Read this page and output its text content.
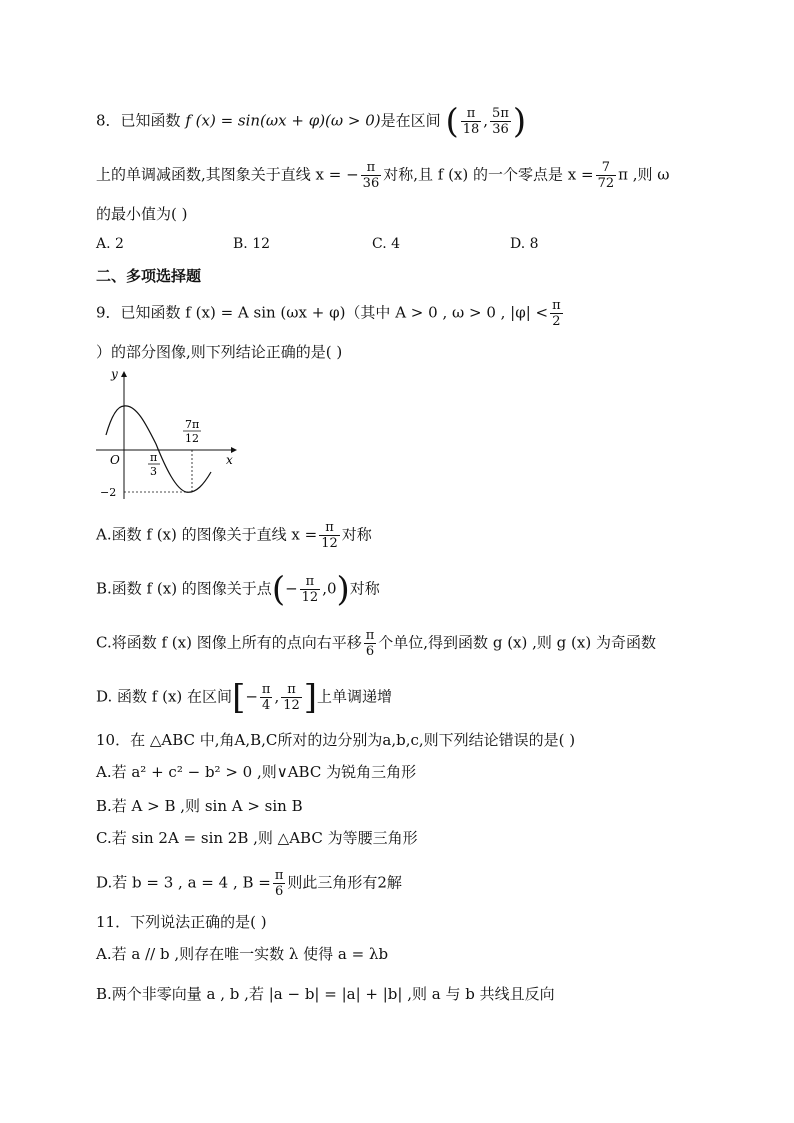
8．已知函数 f (x) = sin(ωx + φ)(ω > 0)是在区间 ( $\frac{\pi}{18}$ , $\frac{5\pi}{36}$ )
上的单调减函数,其图象关于直线 x = − $\frac{\pi}{36}$ 对称,且 f (x) 的一个零点是 $x = \frac{7}{72}$ π ,则 ω
的最小值为( )
A. 2	B. 12	C. 4	D. 8
二、多项选择题
9．已知函数 f (x) = A sin (ωx + φ)（其中 A > 0 , ω > 0 , $|\varphi| < \frac{\pi}{2}$
）的部分图像,则下列结论正确的是( )
y
x
O	π
3
7π
12
−2
A.函数 f (x) 的图像关于直线 $x = \frac{\pi}{12}$ 对称
B.函数 f (x) 的图像关于点(− $\frac{\pi}{12} ,0$)对称
C.将函数 f (x) 图像上所有的点向右平移 $\frac{\pi}{6}$ 个单位,得到函数 g (x) ,则 g (x) 为奇函数
D. 函数 f (x) 在区间[− $\frac{\pi}{4}$ , $\frac{\pi}{12}$ ]上单调递增
10．在 △ABC 中,角A,B,C所对的边分别为a,b,c,则下列结论错误的是( )
A.若 a² + c² − b² > 0 ,则∨ABC 为锐角三角形
B.若 A > B ,则 sin A > sin B
C.若 sin 2A = sin 2B ,则 △ABC 为等腰三角形
D.若 b = 3 , a = 4 , $B = \frac{\pi}{6}$ 则此三角形有2解
11．下列说法正确的是( )
A.若 a // b ,则存在唯一实数 λ 使得 a = λb
B.两个非零向量 a , b ,若 |a − b| = |a| + |b| ,则 a 与 b 共线且反向
